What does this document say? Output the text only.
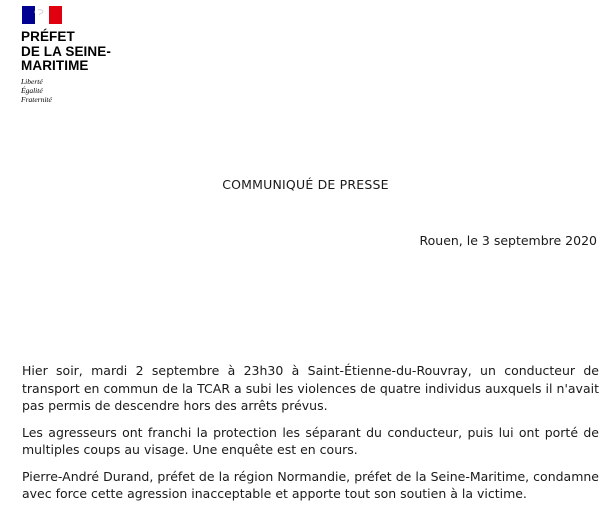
PRÉFET
DE LA SEINE-
MARITIME
Liberté
Égalité
Fraternité
COMMUNIQUÉ DE PRESSE
Rouen, le 3 septembre 2020

Hier soir, mardi 2 septembre à 23h30 à Saint-Étienne-du-Rouvray, un conducteur de transport en commun de la TCAR a subi les violences de quatre individus auxquels il n'avait pas permis de descendre hors des arrêts prévus.

Les agresseurs ont franchi la protection les séparant du conducteur, puis lui ont porté de multiples coups au visage. Une enquête est en cours.

Pierre-André Durand, préfet de la région Normandie, préfet de la Seine-Maritime, condamne avec force cette agression inacceptable et apporte tout son soutien à la victime.
